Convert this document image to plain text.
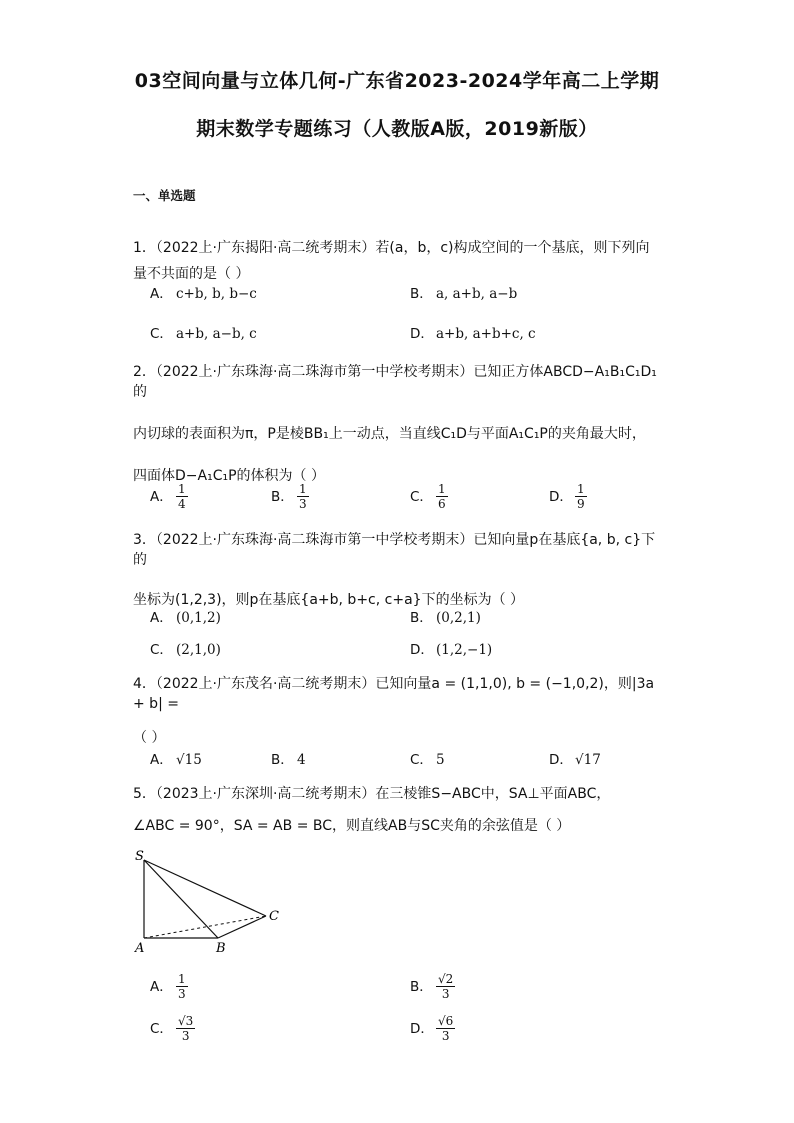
03空间向量与立体几何-广东省2023-2024学年高二上学期
期末数学专题练习（人教版A版，2019新版）
一、单选题
1．（2022上·广东揭阳·高二统考期末）若(a，b，c)构成空间的一个基底，则下列向
量不共面的是（ ）
A． c+b, b, b−c	B． a, a+b, a−b
C． a+b, a−b, c	D． a+b, a+b+c, c
2．（2022上·广东珠海·高二珠海市第一中学校考期末）已知正方体ABCD−A₁B₁C₁D₁的
内切球的表面积为π，P是棱BB₁上一动点，当直线C₁D与平面A₁C₁P的夹角最大时，
四面体D−A₁C₁P的体积为（ ）
A． $\frac{1}{4}$	B． $\frac{1}{3}$	C． $\frac{1}{6}$	D． $\frac{1}{9}$
3．（2022上·广东珠海·高二珠海市第一中学校考期末）已知向量p在基底{a, b, c}下的
坐标为(1,2,3)，则p在基底{a+b, b+c, c+a}下的坐标为（ ）
A． (0,1,2)	B． (0,2,1)
C． (2,1,0)	D． (1,2,−1)
4．（2022上·广东茂名·高二统考期末）已知向量a = (1,1,0), b = (−1,0,2)，则|3a + b| =
（ ）
A． √15	B． 4	C． 5	D． √17
5．（2023上·广东深圳·高二统考期末）在三棱锥S−ABC中，SA⊥平面ABC，
∠ABC = 90°，SA = AB = BC，则直线AB与SC夹角的余弦值是（ ）
S
A	B
C
A． $\frac{1}{3}$	B． $\frac{√2}{3}$
C． $\frac{√3}{3}$	D． $\frac{√6}{3}$
